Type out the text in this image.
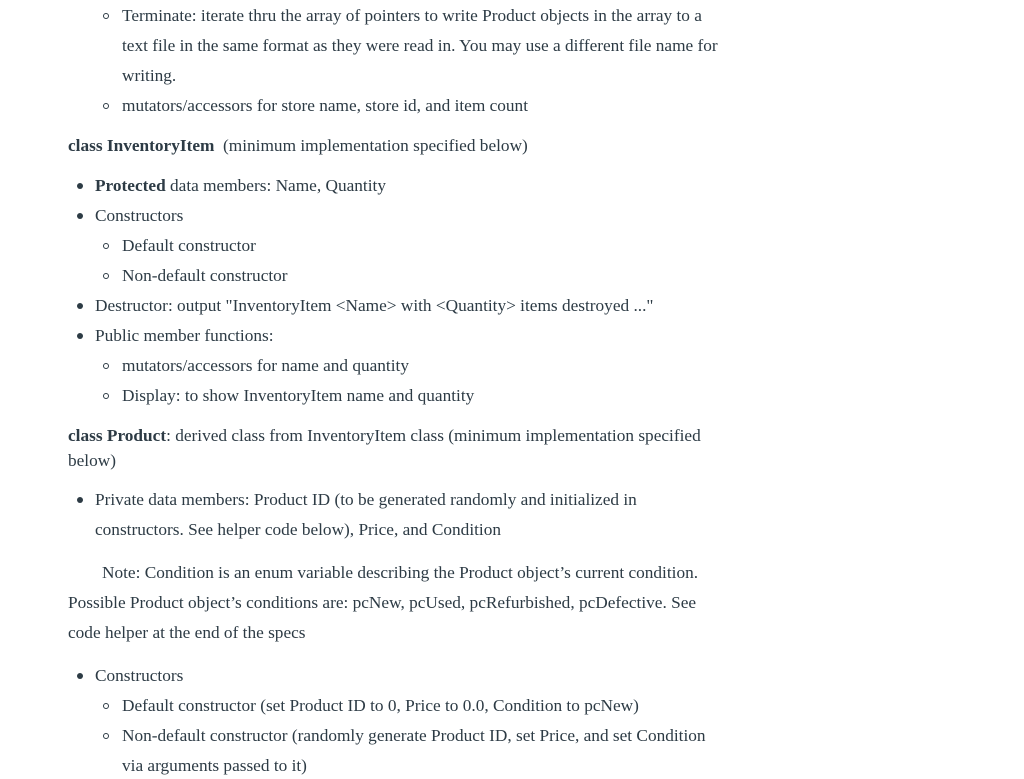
Terminate: iterate thru the array of pointers to write Product objects in the array to a
text file in the same format as they were read in. You may use a different file name for
writing.
mutators/accessors for store name, store id, and item count
class InventoryItem (minimum implementation specified below)
Protected data members: Name, Quantity
Constructors
Default constructor
Non-default constructor
Destructor: output "InventoryItem <Name> with <Quantity> items destroyed ..."
Public member functions:
mutators/accessors for name and quantity
Display: to show InventoryItem name and quantity
class Product: derived class from InventoryItem class (minimum implementation specified
below)
Private data members: Product ID (to be generated randomly and initialized in
constructors. See helper code below), Price, and Condition
Note: Condition is an enum variable describing the Product object’s current condition.
Possible Product object’s conditions are: pcNew, pcUsed, pcRefurbished, pcDefective. See
code helper at the end of the specs
Constructors
Default constructor (set Product ID to 0, Price to 0.0, Condition to pcNew)
Non-default constructor (randomly generate Product ID, set Price, and set Condition
via arguments passed to it)
